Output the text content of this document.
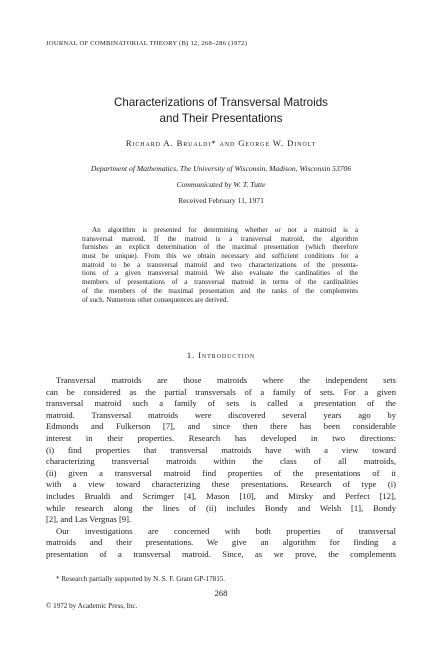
JOURNAL OF COMBINATORIAL THEORY (B) 12, 268–286 (1972)
Characterizations of Transversal Matroids
and Their Presentations
Richard A. Brualdi* and George W. Dinolt
Department of Mathematics, The University of Wisconsin, Madison, Wisconsin 53706
Communicated by W. T. Tutte
Received February 11, 1971
An algorithm is presented for determining whether or not a matroid is a
transversal matroid. If the matroid is a transversal matroid, the algorithm
furnishes an explicit determination of the maximal presentation (which therefore
must be unique). From this we obtain necessary and sufficient conditions for a
matroid to be a transversal matroid and two characterizations of the presenta-
tions of a given transversal matroid. We also evaluate the cardinalities of the
members of presentations of a transversal matroid in terms of the cardinalities
of the members of the maximal presentation and the ranks of the complements
of such. Numerous other consequences are derived.
1. Introduction
Transversal matroids are those matroids where the independent sets
can be considered as the partial transversals of a family of sets. For a given
transversal matroid such a family of sets is called a presentation of the
matroid. Transversal matroids were discovered several years ago by
Edmonds and Fulkerson [7], and since then there has been considerable
interest in their properties. Research has developed in two directions:
(i) find properties that transversal matroids have with a view toward
characterizing transversal matroids within the class of all matroids,
(ii) given a transversal matroid find properties of the presentations of it
with a view toward characterizing these presentations. Research of type (i)
includes Brualdi and Scrimger [4], Mason [10], and Mirsky and Perfect [12],
while research along the lines of (ii) includes Bondy and Welsh [1], Bondy
[2], and Las Vergnas [9].
Our investigations are concerned with both properties of transversal
matroids and their presentations. We give an algorithm for finding a
presentation of a transversal matroid. Since, as we prove, the complements
* Research partially supported by N. S. F. Grant GP-17815.
268
© 1972 by Academic Press, Inc.
